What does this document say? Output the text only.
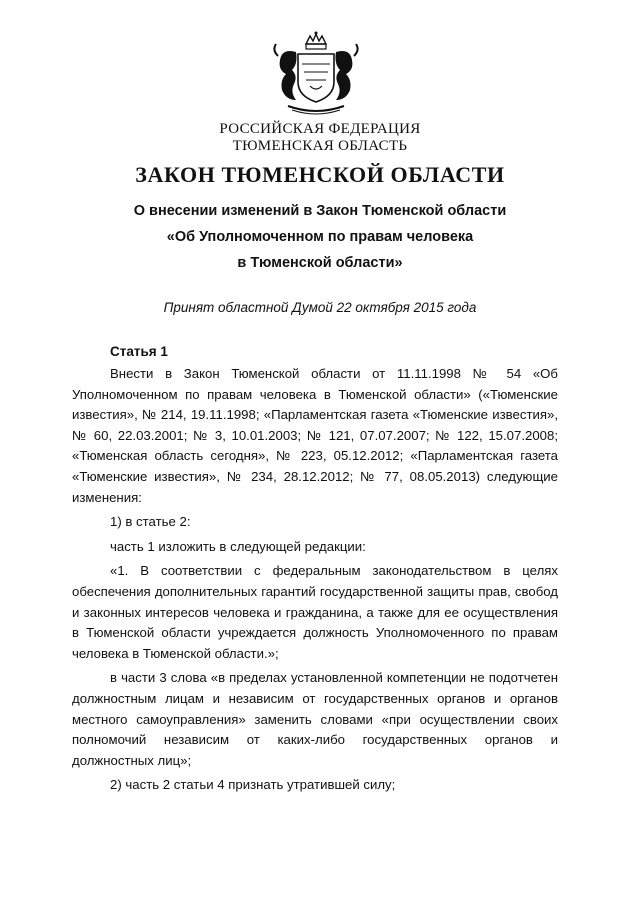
РОССИЙСКАЯ ФЕДЕРАЦИЯ
ТЮМЕНСКАЯ ОБЛАСТЬ
ЗАКОН ТЮМЕНСКОЙ ОБЛАСТИ
О внесении изменений в Закон Тюменской области
«Об Уполномоченном по правам человека
в Тюменской области»
Принят областной Думой 22 октября 2015 года
Статья 1

Внести в Закон Тюменской области от 11.11.1998 № 54 «Об Уполномоченном по правам человека в Тюменской области» («Тюменские известия», № 214, 19.11.1998; «Парламентская газета «Тюменские известия», № 60, 22.03.2001; № 3, 10.01.2003; № 121, 07.07.2007; № 122, 15.07.2008; «Тюменская область сегодня», № 223, 05.12.2012; «Парламентская газета «Тюменские известия», № 234, 28.12.2012; № 77, 08.05.2013) следующие изменения:

1) в статье 2:

часть 1 изложить в следующей редакции:

«1. В соответствии с федеральным законодательством в целях обеспечения дополнительных гарантий государственной защиты прав, свобод и законных интересов человека и гражданина, а также для ее осуществления в Тюменской области учреждается должность Уполномоченного по правам человека в Тюменской области.»;

в части 3 слова «в пределах установленной компетенции не подотчетен должностным лицам и независим от государственных органов и органов местного самоуправления» заменить словами «при осуществлении своих полномочий независим от каких-либо государственных органов и должностных лиц»;

2) часть 2 статьи 4 признать утратившей силу;
